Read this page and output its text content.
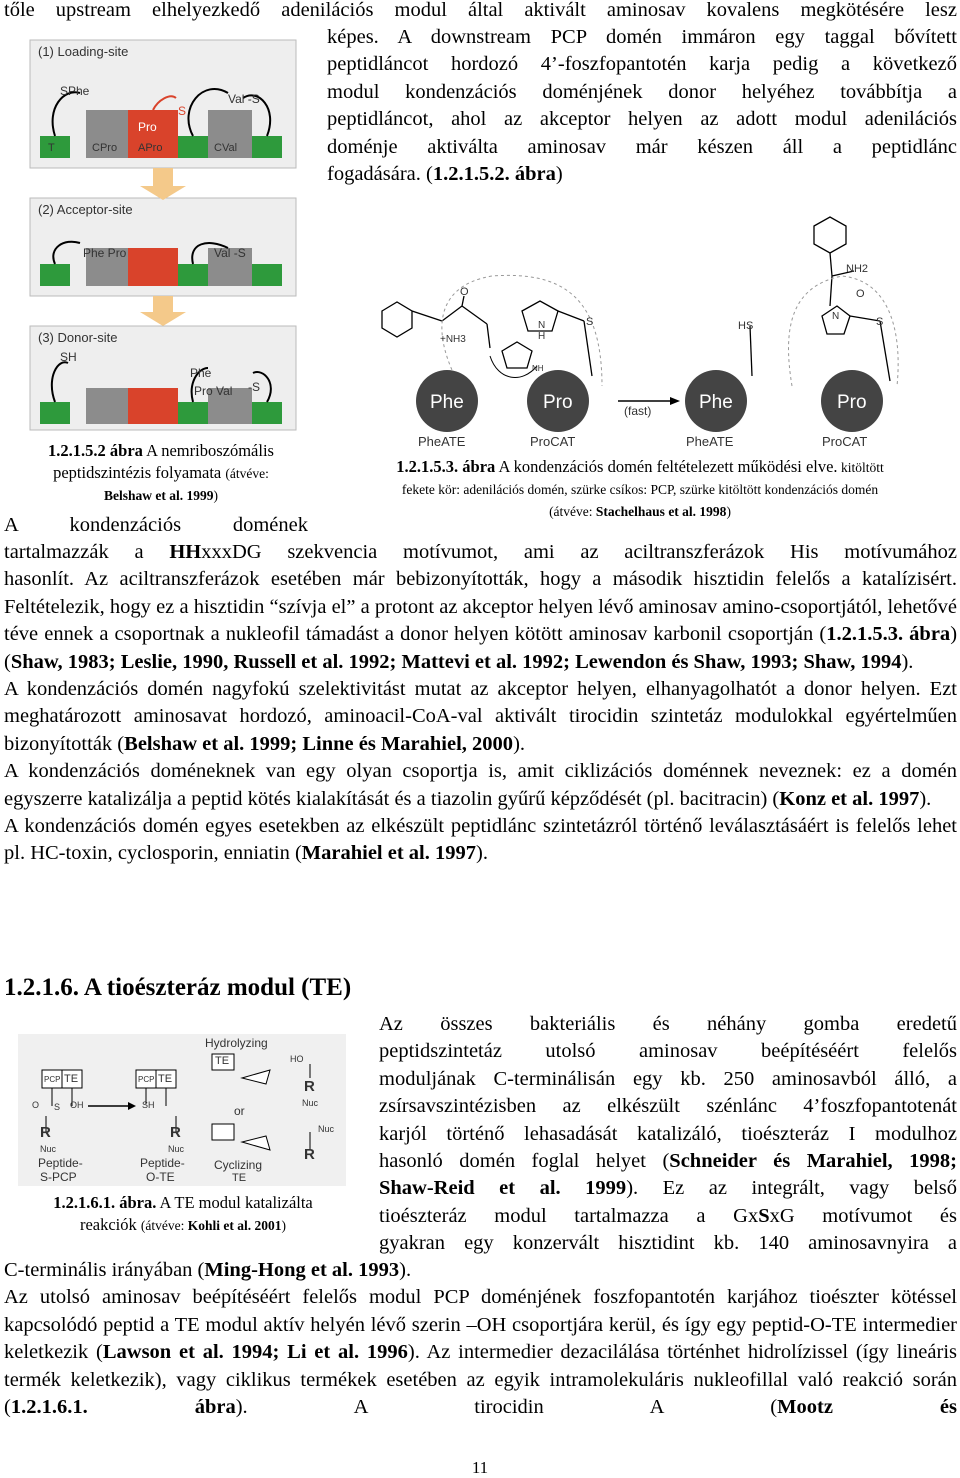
tőle upstream elhelyezkedő adenilációs modul által aktivált aminosav kovalens megkötésére lesz
képes. A downstream PCP domén immáron egy taggal bővített
peptidláncot hordozó 4’-foszfopantotén karja pedig a következő
modul kondenzációs doménjének donor helyéhez továbbítja a
peptidláncot, ahol az akceptor helyen az adott modul adenilációs
doménje aktiválta aminosav már készen áll a peptidlánc
fogadására. (1.2.1.5.2. ábra)
(1) Loading-site
(2) Acceptor-site
(3) Donor-site
SPhe
Val -S
Pro
S
Phe Pro	Val -S
SH
Phe
Pro Val -S
T	CPro APro	CVal
1.2.1.5.2 ábra A nemriboszómális
peptidszintézis folyamata (átvéve:
Belshaw et al. 1999)
Phe	Pro	Phe	Pro
PheATE	ProCAT	PheATE	ProCAT
(fast)
NH2
+NH3
HS
O	O
S	S
N
H
N
NH
1.2.1.5.3. ábra A kondenzációs domén feltételezett működési elve. kitöltött
fekete kör: adenilációs domén, szürke csíkos: PCP, szürke kitöltött kondenzációs domén
(átvéve: Stachelhaus et al. 1998)
A kondenzációs domének
tartalmazzák a HHxxxDG szekvencia motívumot, ami az aciltranszferázok His motívumához

hasonlít. Az aciltranszferázok esetében már bebizonyították, hogy a második hisztidin felelős a katalízisért. Feltételezik, hogy ez a hisztidin “szívja el” a protont az akceptor helyen lévő aminosav amino-csoportjától, lehetővé téve ennek a csoportnak a nukleofil támadást a donor helyen kötött aminosav karbonil csoportján (1.2.1.5.3. ábra) (Shaw, 1983; Leslie, 1990, Russell et al. 1992; Mattevi et al. 1992; Lewendon és Shaw, 1993; Shaw, 1994).

A kondenzációs domén nagyfokú szelektivitást mutat az akceptor helyen, elhanyagolhatót a donor helyen. Ezt meghatározott aminosavat hordozó, aminoacil-CoA-val aktivált tirocidin szintetáz modulokkal egyértelműen bizonyították (Belshaw et al. 1999; Linne és Marahiel, 2000).

A kondenzációs doméneknek van egy olyan csoportja is, amit ciklizációs doménnek neveznek: ez a domén egyszerre katalizálja a peptid kötés kialakítását és a tiazolin gyűrű képződését (pl. bacitracin) (Konz et al. 1997).

A kondenzációs domén egyes esetekben az elkészült peptidlánc szintetázról történő leválasztásáért is felelős lehet pl. HC-toxin, cyclosporin, enniatin (Marahiel et al. 1997).

1.2.1.6. A tioészteráz modul (TE)
Hydrolyzing
TE
PCP TE	PCP TE
OH	SH
HO
R	R
R
R
Nuc	Nuc
Nuc
Nuc
or
Peptide-
S-PCP
Peptide-
O-TE
Cyclizing
TE
O S
1.2.1.6.1. ábra. A TE modul katalizálta
reakciók (átvéve: Kohli et al. 2001)
Az összes bakteriális és néhány gomba eredetű
peptidszintetáz utolsó aminosav beépítéséért felelős
moduljának C-terminálisán egy kb. 250 aminosavból álló, a
zsírsavszintézisben az elkészült szénlánc 4’foszfopantotenát
karjól történő lehasadását katalizáló, tioészteráz I modulhoz
hasonló domén foglal helyet (Schneider és Marahiel, 1998;
Shaw-Reid et al. 1999). Ez az integrált, vagy belső
tioészteráz modul tartalmazza a GxSxG motívumot és
gyakran egy konzervált hisztidint kb. 140 aminosavnyira a
C-terminális irányában (Ming-Hong et al. 1993).

Az utolsó aminosav beépítéséért felelős modul PCP doménjének foszfopantotén karjához tioészter kötéssel kapcsolódó peptid a TE modul aktív helyén lévő szerin –OH csoportjára kerül, és így egy peptid-O-TE intermedier keletkezik (Lawson et al. 1994; Li et al. 1996). Az intermedier dezacilálása történhet hidrolízissel (így lineáris termék keletkezik), vagy ciklikus termékek esetében az egyik intramolekuláris nukleofillal való reakció során (1.2.1.6.1. ábra). A tirocidin A (Mootz és

11
